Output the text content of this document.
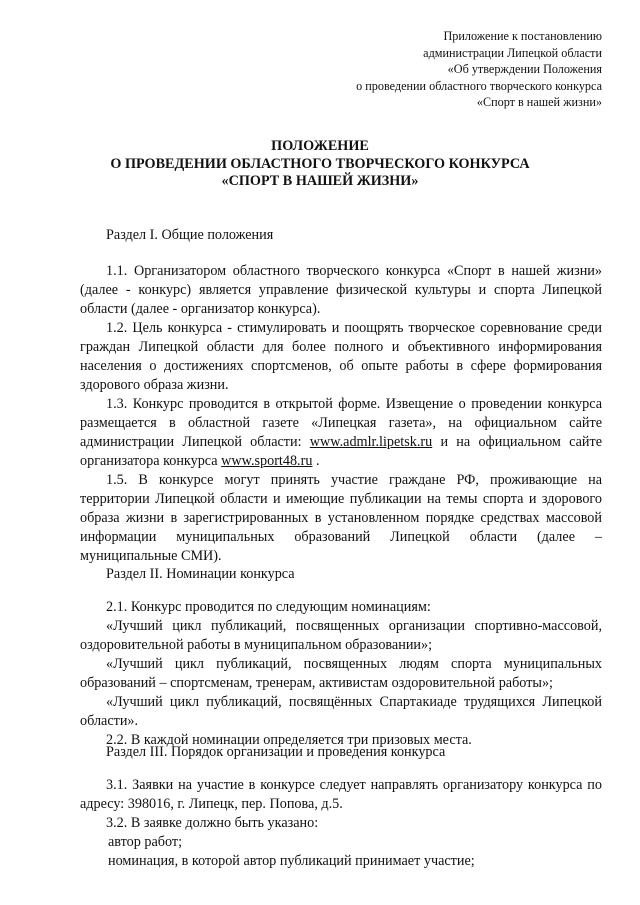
Приложение к постановлению
администрации Липецкой области
«Об утверждении Положения
о проведении областного творческого конкурса
«Спорт в нашей жизни»
ПОЛОЖЕНИЕ
О ПРОВЕДЕНИИ ОБЛАСТНОГО ТВОРЧЕСКОГО КОНКУРСА
«СПОРТ В НАШЕЙ ЖИЗНИ»

Раздел I. Общие положения

1.1. Организатором областного творческого конкурса «Спорт в нашей жизни» (далее - конкурс) является управление физической культуры и спорта Липецкой области (далее - организатор конкурса).

1.2. Цель конкурса - стимулировать и поощрять творческое соревнование среди граждан Липецкой области для более полного и объективного информирования населения о достижениях спортсменов, об опыте работы в сфере формирования здорового образа жизни.

1.3. Конкурс проводится в открытой форме. Извещение о проведении конкурса размещается в областной газете «Липецкая газета», на официальном сайте администрации Липецкой области: www.admlr.lipetsk.ru и на официальном сайте организатора конкурса www.sport48.ru .

1.5. В конкурсе могут принять участие граждане РФ, проживающие на территории Липецкой области и имеющие публикации на темы спорта и здорового образа жизни в зарегистрированных в установленном порядке средствах массовой информации муниципальных образований Липецкой области (далее – муниципальные СМИ).

Раздел II. Номинации конкурса

2.1. Конкурс проводится по следующим номинациям:

«Лучший цикл публикаций, посвященных организации спортивно-массовой, оздоровительной работы в муниципальном образовании»;

«Лучший цикл публикаций, посвященных людям спорта муниципальных образований – спортсменам, тренерам, активистам оздоровительной работы»;

«Лучший цикл публикаций, посвящённых Спартакиаде трудящихся Липецкой области».

2.2. В каждой номинации определяется три призовых места.

Раздел III. Порядок организации и проведения конкурса

3.1. Заявки на участие в конкурсе следует направлять организатору конкурса по адресу: 398016, г. Липецк, пер. Попова, д.5.

3.2. В заявке должно быть указано:

автор работ;

номинация, в которой автор публикаций принимает участие;
